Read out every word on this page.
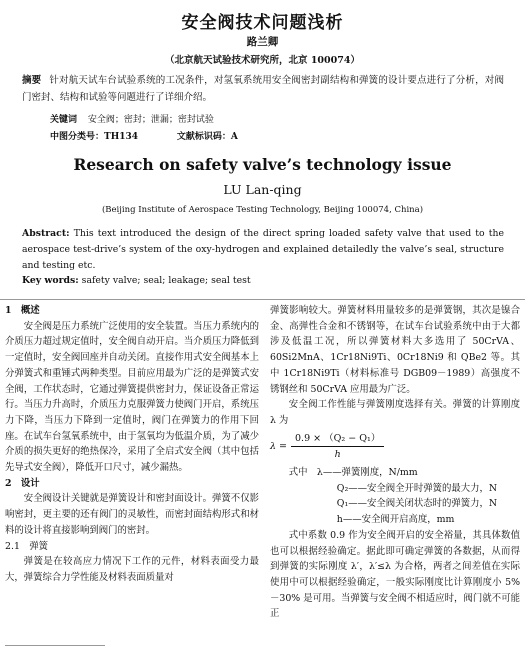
安全阀技术问题浅析
路兰卿
（北京航天试验技术研究所，北京 100074）
摘要 针对航天试车台试验系统的工况条件，对氢氧系统用安全阀密封副结构和弹簧的设计要点进行了分析，对阀门密封、结构和试验等问题进行了详细介绍。
关键词 安全阀；密封；泄漏；密封试验
中图分类号：TH134	文献标识码：A
Research on safety valve’s technology issue
LU Lan-qing
(Beijing Institute of Aerospace Testing Technology, Beijing 100074, China)
Abstract: This text introduced the design of the direct spring loaded safety valve that used to the aerospace test-drive’s system of the oxy-hydrogen and explained detailedly the valve’s seal, structure and testing etc.
Key words: safety valve; seal; leakage; seal test
1　概述

安全阀是压力系统广泛使用的安全装置。当压力系统内的介质压力超过规定值时，安全阀自动开启。当介质压力降低到一定值时，安全阀回座并自动关闭。直接作用式安全阀基本上分弹簧式和重锤式两种类型。目前应用最为广泛的是弹簧式安全阀，工作状态时，它通过弹簧提供密封力，保证设备正常运行。当压力升高时，介质压力克服弹簧力使阀门开启，系统压力下降，当压力下降到一定值时，阀门在弹簧力的作用下回座。在试车台氢氧系统中，由于氢氧均为低温介质，为了减少介质的损失更好的绝热保冷，采用了全启式安全阀（其中包括先导式安全阀），降低开口尺寸，减少漏热。

2　设计

安全阀设计关键就是弹簧设计和密封面设计。弹簧不仅影响密封，更主要的还有阀门的灵敏性，而密封面结构形式和材料的设计将直接影响到阀门的密封。

2.1　弹簧

弹簧是在较高应力情况下工作的元件，材料表面受力最大，弹簧综合力学性能及材料表面质量对

弹簧影响较大。弹簧材料用量较多的是弹簧钢，其次是镍合金、高弹性合金和不锈钢等，在试车台试验系统中由于大都涉及低温工况，所以弹簧材料大多选用了 50CrVA、60Si2MnA、1Cr18Ni9Ti、0Cr18Ni9 和 QBe2 等。其中 1Cr18Ni9Ti（材料标准号 DGB09－1989）高强度不锈钢丝和 50CrVA 应用最为广泛。

安全阀工作性能与弹簧刚度选择有关。弹簧的计算刚度 λ 为

$\lambda = \frac{\text{0.9 × （Q₂ − Q₁）}}{h}$

式中　λ——弹簧刚度，N/mm

Q₂——安全阀全开时弹簧的最大力，N

Q₁——安全阀关闭状态时的弹簧力，N

h——安全阀开启高度，mm

式中系数 0.9 作为安全阀开启的安全裕量，其具体数值也可以根据经验确定。据此即可确定弹簧的各数据，从而得到弹簧的实际刚度 λ′，λ′≤λ 为合格，两者之间差值在实际使用中可以根据经验确定，一般实际刚度比计算刚度小 5%－30% 是可用。当弹簧与安全阀不相适应时，阀门就不可能正
